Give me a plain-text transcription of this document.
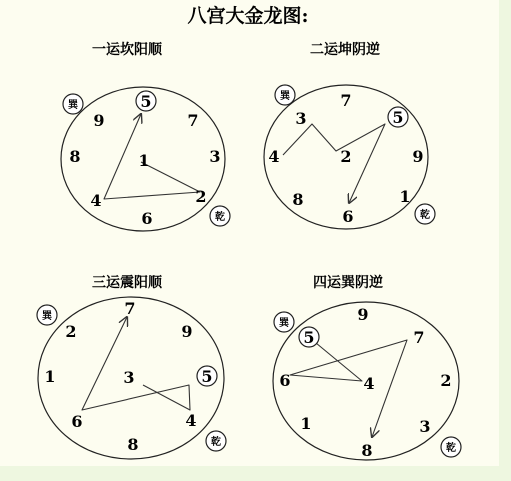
八宫大金龙图:
一运坎阳顺
9
5
7
8	1	3
4	2
6
巽
乾
二运坤阴逆
7
3	5
4	2	9
8	1
6
巽
乾
三运震阳顺
2
7
9
1	3	5
6	4
8
巽
乾
四运巽阴逆
9
5	7
6	4	2
1	3
8
巽
乾
